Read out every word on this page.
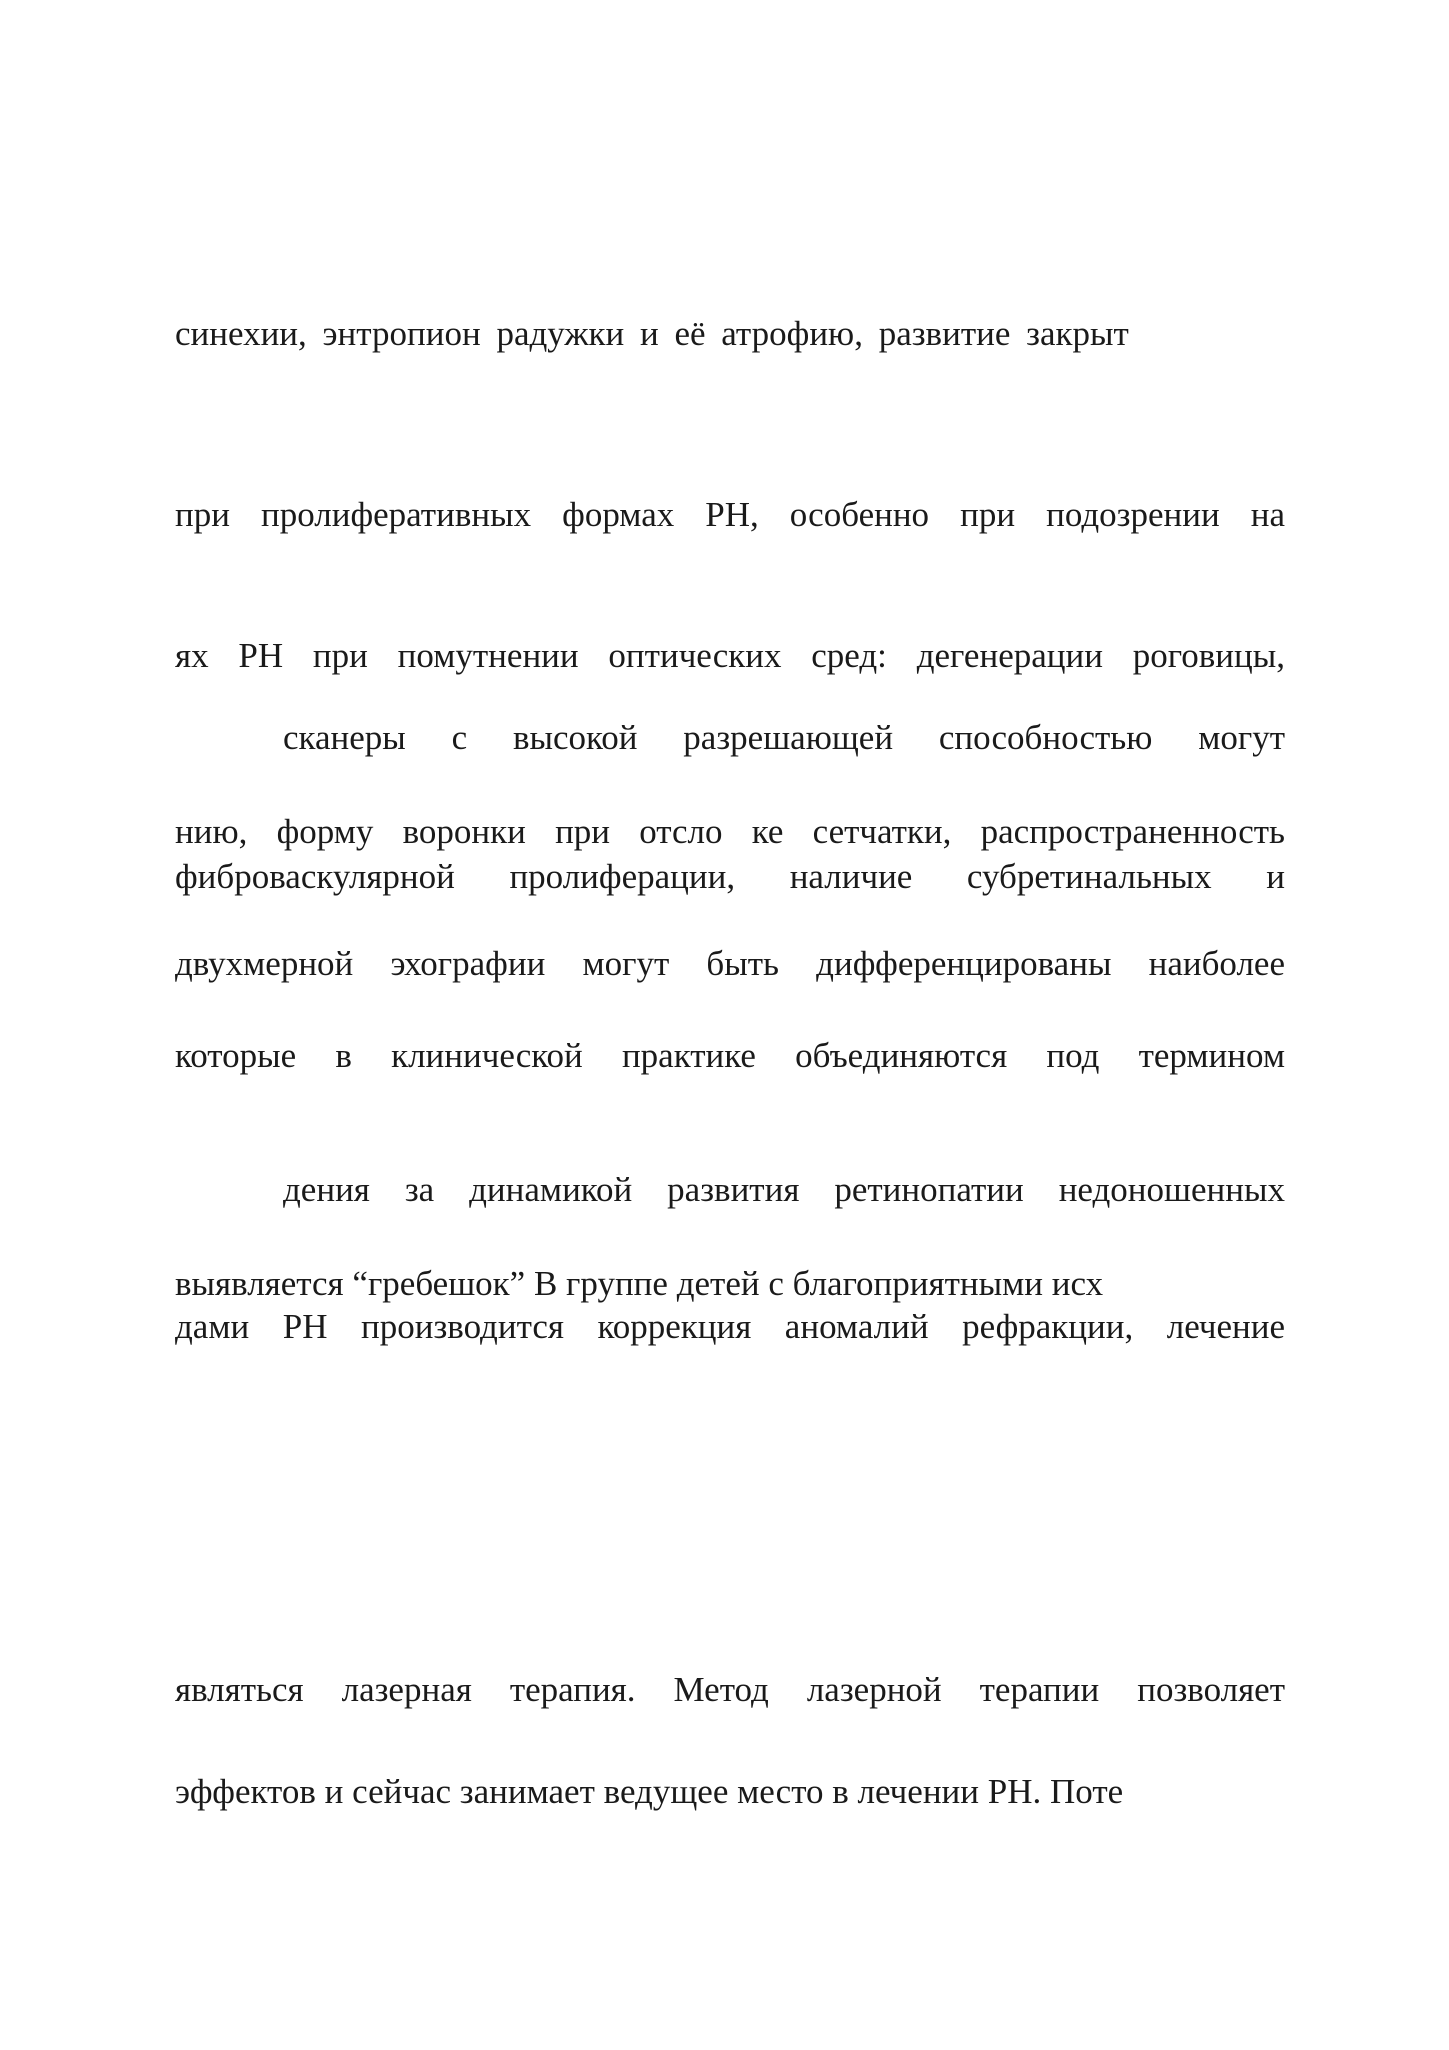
синехии, энтропион радужки и её атрофию, развитие закрыт
при пролиферативных формах РН, особенно при подозрении на
ях РН при помутнении оптических сред: дегенерации роговицы,
сканеры с высокой разрешающей способностью могут
нию, форму воронки при отсло ке сетчатки, распространенность
фиброваскулярной пролиферации, наличие субретинальных и
двухмерной эхографии могут быть дифференцированы наиболее
которые в клинической практике объединяются под термином
дения за динамикой развития ретинопатии недоношенных
выявляется “гребешок” В группе детей с благоприятными исх
дами РН производится коррекция аномалий рефракции, лечение
являться лазерная терапия. Метод лазерной терапии позволяет
эффектов и сейчас занимает ведущее место в лечении РН. Поте
